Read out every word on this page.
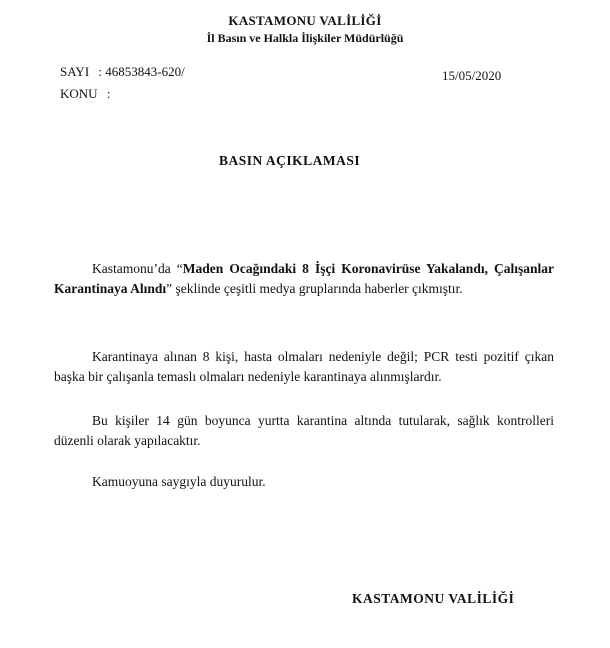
KASTAMONU VALİLİĞİ
İl Basın ve Halkla İlişkiler Müdürlüğü
SAYI : 46853843-620/
KONU :
15/05/2020
BASIN AÇIKLAMASI
Kastamonu’da “Maden Ocağındaki 8 İşçi Koronavirüse Yakalandı, Çalışanlar Karantinaya Alındı” şeklinde çeşitli medya gruplarında haberler çıkmıştır.
Karantinaya alınan 8 kişi, hasta olmaları nedeniyle değil; PCR testi pozitif çıkan başka bir çalışanla temaslı olmaları nedeniyle karantinaya alınmışlardır.
Bu kişiler 14 gün boyunca yurtta karantina altında tutularak, sağlık kontrolleri düzenli olarak yapılacaktır.
Kamuoyuna saygıyla duyurulur.
KASTAMONU VALİLİĞİ
